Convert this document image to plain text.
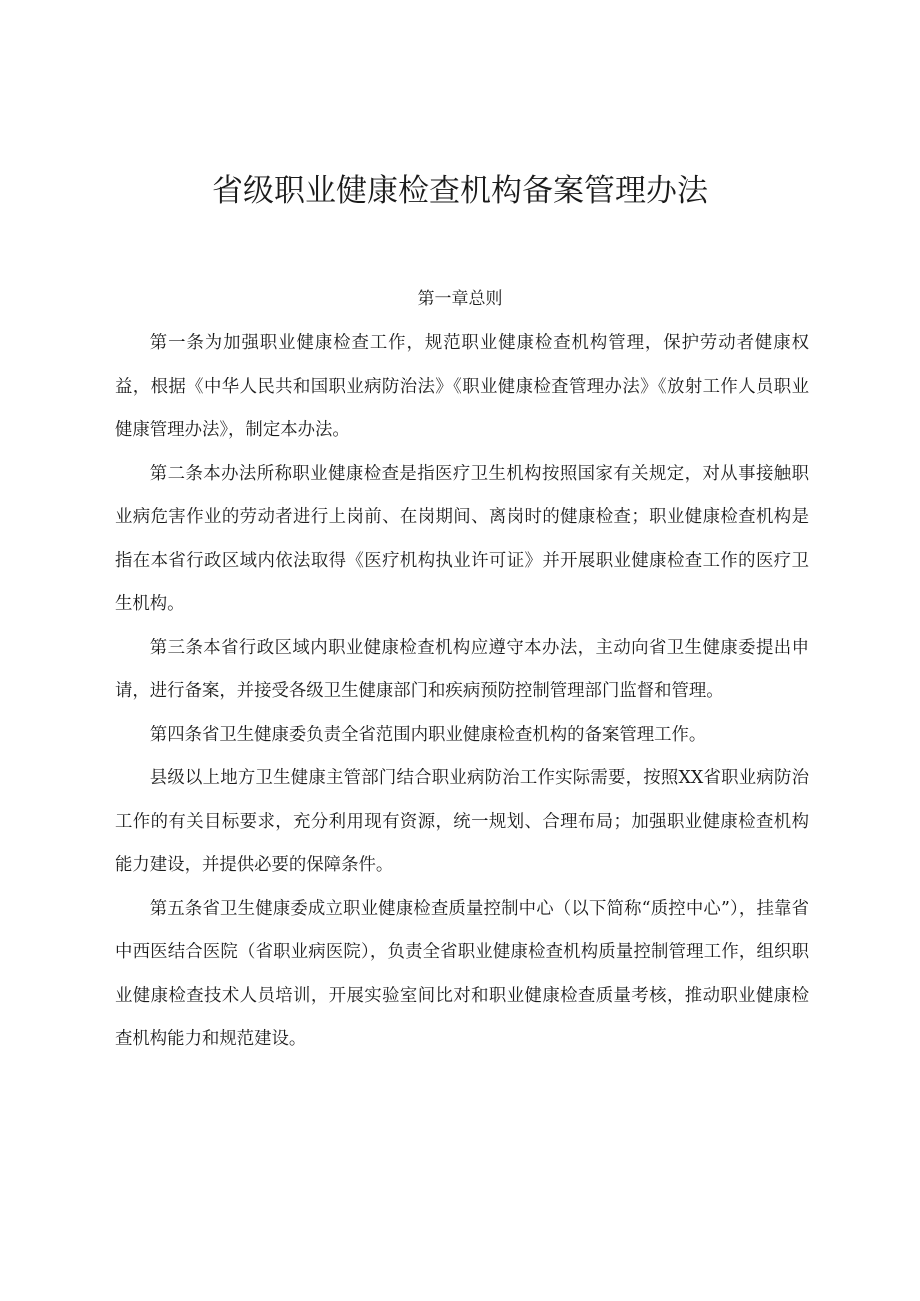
省级职业健康检查机构备案管理办法

第一章总则

第一条为加强职业健康检查工作，规范职业健康检查机构管理，保护劳动者健康权益，根据《中华人民共和国职业病防治法》《职业健康检査管理办法》《放射工作人员职业健康管理办法》，制定本办法。

第二条本办法所称职业健康检查是指医疗卫生机构按照国家有关规定，对从事接触职业病危害作业的劳动者进行上岗前、在岗期间、离岗时的健康检查；职业健康检查机构是指在本省行政区域内依法取得《医疗机构执业许可证》并开展职业健康检查工作的医疗卫生机构。

第三条本省行政区域内职业健康检查机构应遵守本办法，主动向省卫生健康委提出申请，进行备案，并接受各级卫生健康部门和疾病预防控制管理部门监督和管理。

第四条省卫生健康委负责全省范围内职业健康检查机构的备案管理工作。

县级以上地方卫生健康主管部门结合职业病防治工作实际需要，按照XX省职业病防治工作的有关目标要求，充分利用现有资源，统一规划、合理布局；加强职业健康检查机构能力建设，并提供必要的保障条件。

第五条省卫生健康委成立职业健康检查质量控制中心（以下简称“质控中心”），挂靠省中西医结合医院（省职业病医院），负责全省职业健康检查机构质量控制管理工作，组织职业健康检查技术人员培训，开展实验室间比对和职业健康检查质量考核，推动职业健康检查机构能力和规范建设。
